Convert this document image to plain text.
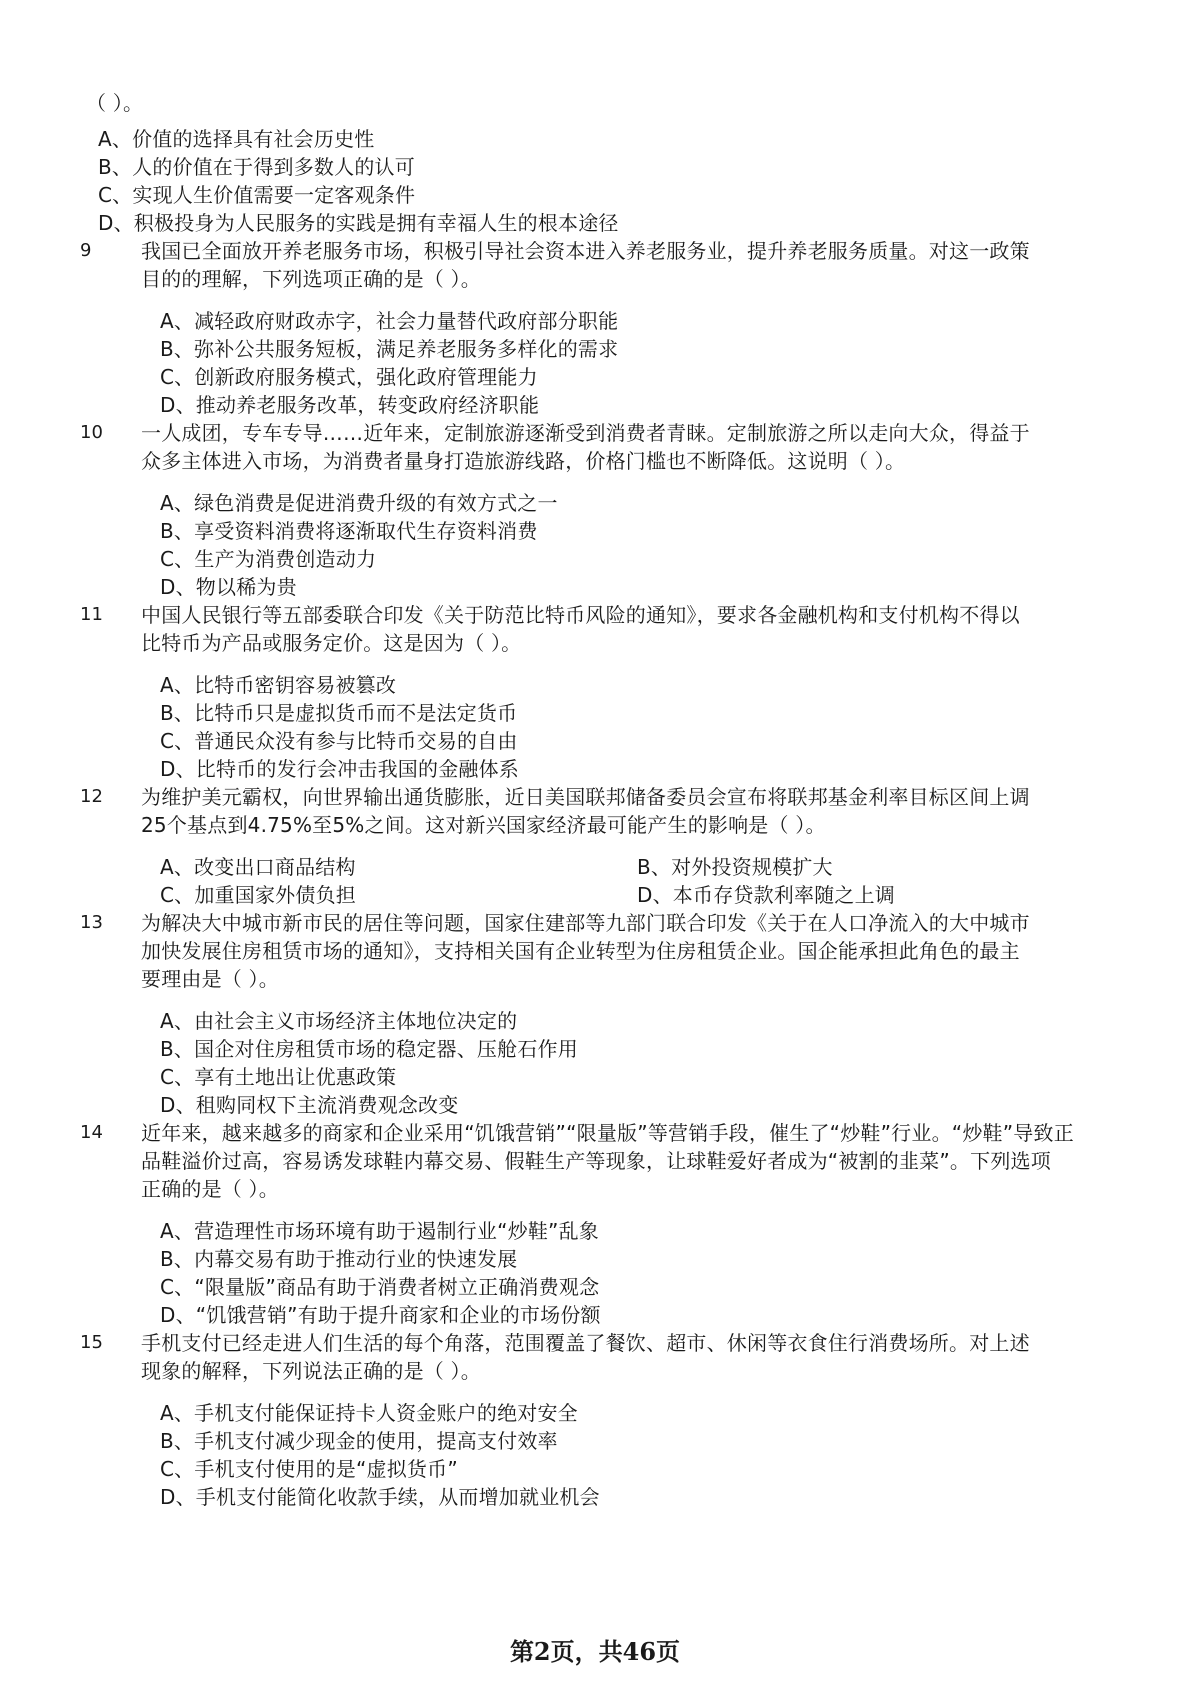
（ ）。
A、价值的选择具有社会历史性
B、人的价值在于得到多数人的认可
C、实现人生价值需要一定客观条件
D、积极投身为人民服务的实践是拥有幸福人生的根本途径
9 我国已全面放开养老服务市场，积极引导社会资本进入养老服务业，提升养老服务质量。对这一政策
目的的理解，下列选项正确的是（ ）。
A、减轻政府财政赤字，社会力量替代政府部分职能
B、弥补公共服务短板，满足养老服务多样化的需求
C、创新政府服务模式，强化政府管理能力
D、推动养老服务改革，转变政府经济职能
10 一人成团，专车专导……近年来，定制旅游逐渐受到消费者青睐。定制旅游之所以走向大众，得益于
众多主体进入市场，为消费者量身打造旅游线路，价格门槛也不断降低。这说明（ ）。
A、绿色消费是促进消费升级的有效方式之一
B、享受资料消费将逐渐取代生存资料消费
C、生产为消费创造动力
D、物以稀为贵
11 中国人民银行等五部委联合印发《关于防范比特币风险的通知》，要求各金融机构和支付机构不得以
比特币为产品或服务定价。这是因为（ ）。
A、比特币密钥容易被篡改
B、比特币只是虚拟货币而不是法定货币
C、普通民众没有参与比特币交易的自由
D、比特币的发行会冲击我国的金融体系
12 为维护美元霸权，向世界输出通货膨胀，近日美国联邦储备委员会宣布将联邦基金利率目标区间上调
25个基点到4.75%至5%之间。这对新兴国家经济最可能产生的影响是（ ）。
A、改变出口商品结构	B、对外投资规模扩大
C、加重国家外债负担	D、本币存贷款利率随之上调
13 为解决大中城市新市民的居住等问题，国家住建部等九部门联合印发《关于在人口净流入的大中城市
加快发展住房租赁市场的通知》，支持相关国有企业转型为住房租赁企业。国企能承担此角色的最主
要理由是（ ）。
A、由社会主义市场经济主体地位决定的
B、国企对住房租赁市场的稳定器、压舱石作用
C、享有土地出让优惠政策
D、租购同权下主流消费观念改变
14 近年来，越来越多的商家和企业采用“饥饿营销”“限量版”等营销手段，催生了“炒鞋”行业。“炒鞋”导致正
品鞋溢价过高，容易诱发球鞋内幕交易、假鞋生产等现象，让球鞋爱好者成为“被割的韭菜”。下列选项
正确的是（ ）。
A、营造理性市场环境有助于遏制行业“炒鞋”乱象
B、内幕交易有助于推动行业的快速发展
C、“限量版”商品有助于消费者树立正确消费观念
D、“饥饿营销”有助于提升商家和企业的市场份额
15 手机支付已经走进人们生活的每个角落，范围覆盖了餐饮、超市、休闲等衣食住行消费场所。对上述
现象的解释，下列说法正确的是（ ）。
A、手机支付能保证持卡人资金账户的绝对安全
B、手机支付减少现金的使用，提高支付效率
C、手机支付使用的是“虚拟货币”
D、手机支付能简化收款手续，从而增加就业机会
第2页，共46页
